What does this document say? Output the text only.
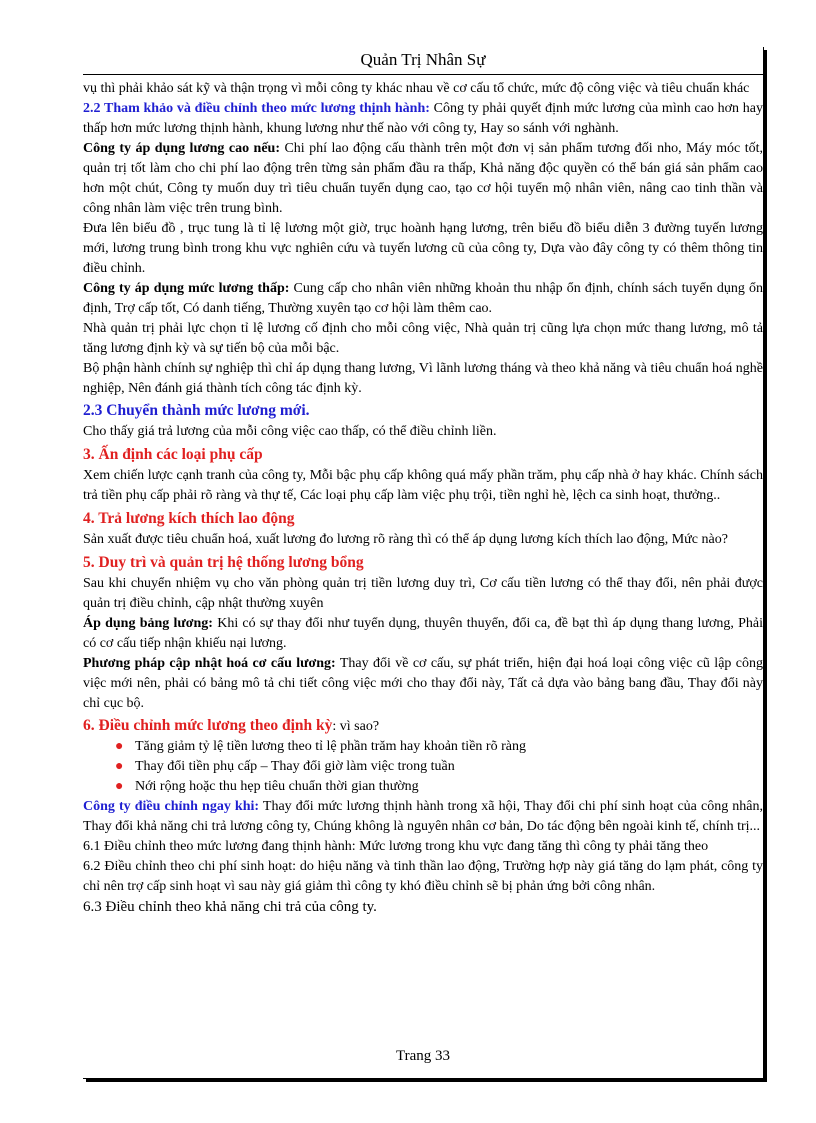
Quản Trị Nhân Sự

vụ thì phải khảo sát kỹ và thận trọng vì mỗi công ty khác nhau về cơ cấu tổ chức, mức độ công việc và tiêu chuẩn khác

2.2 Tham khảo và điều chỉnh theo mức lương thịnh hành: Công ty phải quyết định mức lương của mình cao hơn hay thấp hơn mức lương thịnh hành, khung lương như thế nào với công ty, Hay so sánh với nghành.

Công ty áp dụng lương cao nếu: Chi phí lao động cấu thành trên một đơn vị sản phẩm tương đối nho, Máy móc tốt, quản trị tốt làm cho chi phí lao động trên từng sản phẩm đầu ra thấp, Khả năng độc quyền có thể bán giá sản phẩm cao hơn một chút, Công ty muốn duy trì tiêu chuẩn tuyển dụng cao, tạo cơ hội tuyển mộ nhân viên, nâng cao tinh thần và công nhân làm việc trên trung bình.

Đưa lên biểu đồ , trục tung là tỉ lệ lương một giờ, trục hoành hạng lương, trên biểu đồ biểu diễn 3 đường tuyến lương mới, lương trung bình trong khu vực nghiên cứu và tuyến lương cũ của công ty, Dựa vào đây công ty có thêm thông tin điều chỉnh.

Công ty áp dụng mức lương thấp: Cung cấp cho nhân viên những khoản thu nhập ổn định, chính sách tuyển dụng ổn định, Trợ cấp tốt, Có danh tiếng, Thường xuyên tạo cơ hội làm thêm cao.

Nhà quản trị phải lực chọn tỉ lệ lương cố định cho mỗi công việc, Nhà quản trị cũng lựa chọn mức thang lương, mô tả tăng lương định kỳ và sự tiến bộ của mỗi bậc.

Bộ phận hành chính sự nghiệp thì chỉ áp dụng thang lương, Vì lãnh lương tháng và theo khả năng và tiêu chuẩn hoá nghề nghiệp, Nên đánh giá thành tích công tác định kỳ.

2.3 Chuyển thành mức lương mới.

Cho thấy giá trả lương của mỗi công việc cao thấp, có thể điều chỉnh liền.

3. Ấn định các loại phụ cấp

Xem chiến lược cạnh tranh của công ty, Mỗi bậc phụ cấp không quá mấy phần trăm, phụ cấp nhà ở hay khác. Chính sách trả tiền phụ cấp phải rõ ràng và thự tế, Các loại phụ cấp làm việc phụ trội, tiền nghỉ hè, lệch ca sinh hoạt, thưởng..

4. Trả lương kích thích lao động

Sản xuất được tiêu chuẩn hoá, xuất lương đo lương rõ ràng thì có thể áp dụng lương kích thích lao động, Mức nào?

5. Duy trì và quản trị hệ thống lương bổng

Sau khi chuyển nhiệm vụ cho văn phòng quản trị tiền lương duy trì, Cơ cấu tiền lương có thể thay đổi, nên phải được quản trị điều chỉnh, cập nhật thường xuyên

Áp dụng bảng lương: Khi có sự thay đổi như tuyển dụng, thuyên thuyển, đổi ca, đề bạt thì áp dụng thang lương, Phải có cơ cấu tiếp nhận khiếu nại lương.

Phương pháp cập nhật hoá cơ cấu lương: Thay đổi về cơ cấu, sự phát triển, hiện đại hoá loại công việc cũ lập công việc mới nên, phải có bảng mô tả chi tiết công việc mới cho thay đổi này, Tất cả dựa vào bảng bang đầu, Thay đổi này chỉ cục bộ.

6. Điều chỉnh mức lương theo định kỳ: vì sao?

● Tăng giảm tỷ lệ tiền lương theo tỉ lệ phần trăm hay khoản tiền rõ ràng
● Thay đổi tiền phụ cấp – Thay đổi giờ làm việc trong tuần
● Nới rộng hoặc thu hẹp tiêu chuẩn thời gian thường

Công ty điều chỉnh ngay khi: Thay đổi mức lương thịnh hành trong xã hội, Thay đổi chi phí sinh hoạt của công nhân, Thay đổi khả năng chi trả lương công ty, Chúng không là nguyên nhân cơ bản, Do tác động bên ngoài kinh tế, chính trị...

6.1 Điều chỉnh theo mức lương đang thịnh hành: Mức lương trong khu vực đang tăng thì công ty phải tăng theo

6.2 Điều chỉnh theo chi phí sinh hoạt: do hiệu năng và tinh thần lao động, Trường hợp này giá tăng do lạm phát, công ty chỉ nên trợ cấp sinh hoạt vì sau này giá giảm thì công ty khó điều chỉnh sẽ bị phản ứng bởi công nhân.

6.3 Điều chỉnh theo khả năng chi trả của công ty.

Trang 33
